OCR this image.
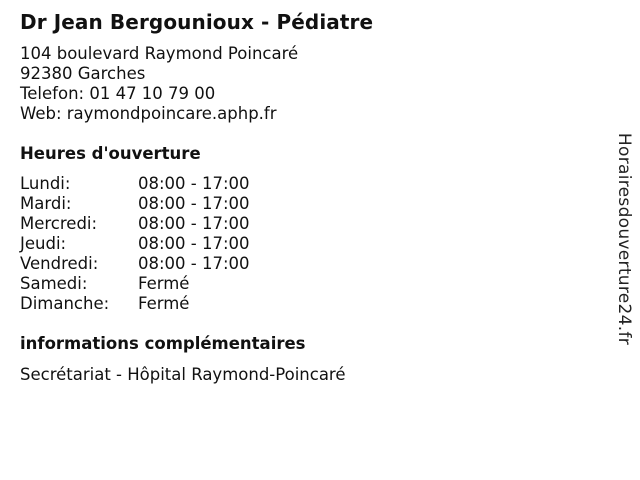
Dr Jean Bergounioux - Pédiatre
104 boulevard Raymond Poincaré
92380 Garches
Telefon: 01 47 10 79 00
Web: raymondpoincare.aphp.fr
Heures d'ouverture
Lundi:	08:00 - 17:00
Mardi:	08:00 - 17:00
Mercredi: 08:00 - 17:00
Jeudi:	08:00 - 17:00
Vendredi: 08:00 - 17:00
Samedi:	Fermé
Dimanche: Fermé
informations complémentaires
Secrétariat - Hôpital Raymond-Poincaré
Horairesdouverture24.fr
